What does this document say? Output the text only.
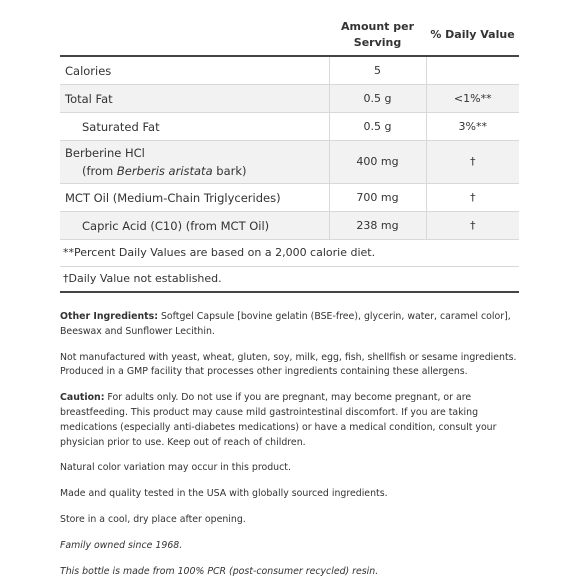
	Amount per Serving	% Daily Value
Calories	5	
Total Fat	0.5 g	<1%**
Saturated Fat	0.5 g	3%**

Berberine HCl
(from Berberis aristata bark)	400 mg	†
MCT Oil (Medium-Chain Triglycerides)	700 mg	†
Capric Acid (C10) (from MCT Oil)	238 mg	†
**Percent Daily Values are based on a 2,000 calorie diet.
†Daily Value not established.

Other Ingredients: Softgel Capsule [bovine gelatin (BSE-free), glycerin, water, caramel color], Beeswax and Sunflower Lecithin.

Not manufactured with yeast, wheat, gluten, soy, milk, egg, fish, shellfish or sesame ingredients. Produced in a GMP facility that processes other ingredients containing these allergens.

Caution: For adults only. Do not use if you are pregnant, may become pregnant, or are breastfeeding. This product may cause mild gastrointestinal discomfort. If you are taking medications (especially anti-diabetes medications) or have a medical condition, consult your physician prior to use. Keep out of reach of children.

Natural color variation may occur in this product.

Made and quality tested in the USA with globally sourced ingredients.

Store in a cool, dry place after opening.

Family owned since 1968.

This bottle is made from 100% PCR (post-consumer recycled) resin.
